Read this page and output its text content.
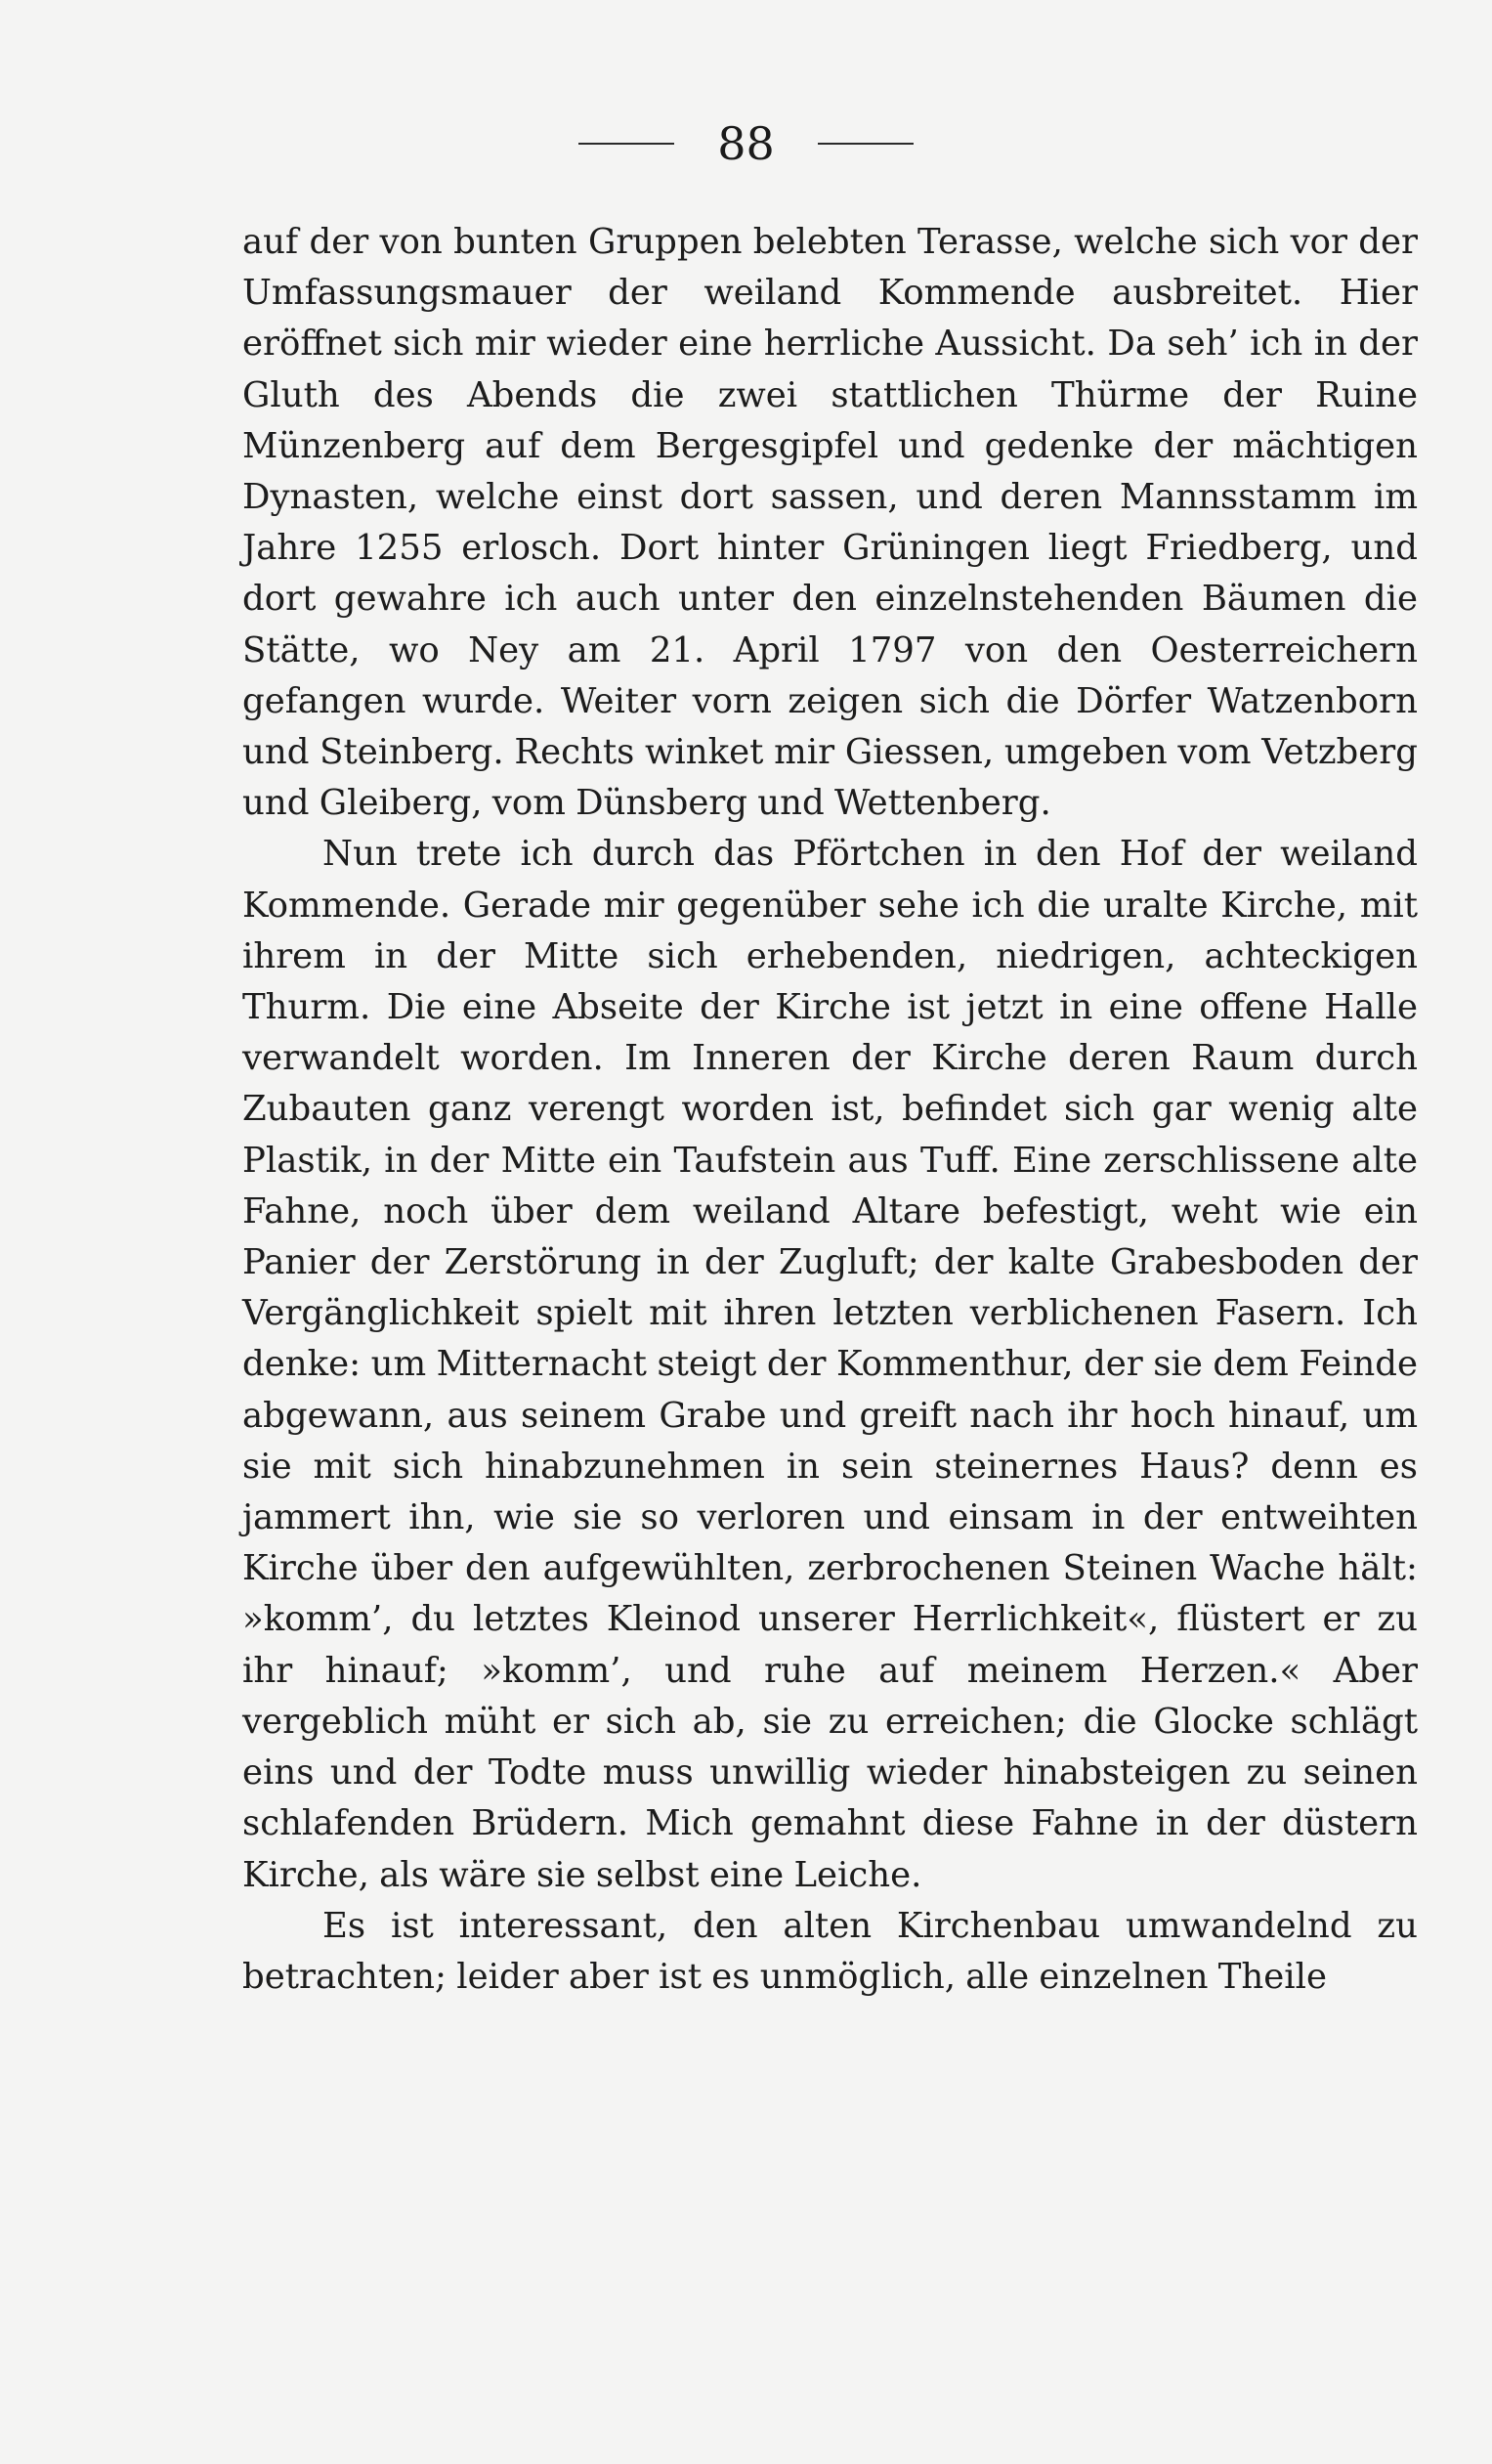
88

auf der von bunten Gruppen belebten Terasse, welche sich vor der Umfassungsmauer der weiland Kommende ausbreitet. Hier eröffnet sich mir wieder eine herrliche Aussicht. Da seh’ ich in der Gluth des Abends die zwei stattlichen Thürme der Ruine Münzenberg auf dem Bergesgipfel und gedenke der mächtigen Dynasten, welche einst dort sassen, und deren Mannsstamm im Jahre 1255 erlosch. Dort hinter Grüningen liegt Friedberg, und dort gewahre ich auch unter den einzelnstehenden Bäumen die Stätte, wo Ney am 21. April 1797 von den Oesterreichern gefangen wurde. Weiter vorn zeigen sich die Dörfer Watzenborn und Steinberg. Rechts winket mir Giessen, umgeben vom Vetzberg und Gleiberg, vom Dünsberg und Wettenberg.

Nun trete ich durch das Pförtchen in den Hof der weiland Kommende. Gerade mir gegenüber sehe ich die uralte Kirche, mit ihrem in der Mitte sich erhebenden, niedrigen, achteckigen Thurm. Die eine Abseite der Kirche ist jetzt in eine offene Halle verwandelt worden. Im Inneren der Kirche deren Raum durch Zubauten ganz verengt worden ist, befindet sich gar wenig alte Plastik, in der Mitte ein Taufstein aus Tuff. Eine zerschlissene alte Fahne, noch über dem weiland Altare befestigt, weht wie ein Panier der Zerstörung in der Zugluft; der kalte Grabesboden der Vergänglichkeit spielt mit ihren letzten verblichenen Fasern. Ich denke: um Mitternacht steigt der Kommenthur, der sie dem Feinde abgewann, aus seinem Grabe und greift nach ihr hoch hinauf, um sie mit sich hinabzunehmen in sein steinernes Haus? denn es jammert ihn, wie sie so verloren und einsam in der entweihten Kirche über den aufgewühlten, zerbrochenen Steinen Wache hält: »komm’, du letztes Kleinod unserer Herrlichkeit«, flüstert er zu ihr hinauf; »komm’, und ruhe auf meinem Herzen.« Aber vergeblich müht er sich ab, sie zu erreichen; die Glocke schlägt eins und der Todte muss unwillig wieder hinabsteigen zu seinen schlafenden Brüdern. Mich gemahnt diese Fahne in der düstern Kirche, als wäre sie selbst eine Leiche.

Es ist interessant, den alten Kirchenbau umwandelnd zu betrachten; leider aber ist es unmöglich, alle einzelnen Theile
